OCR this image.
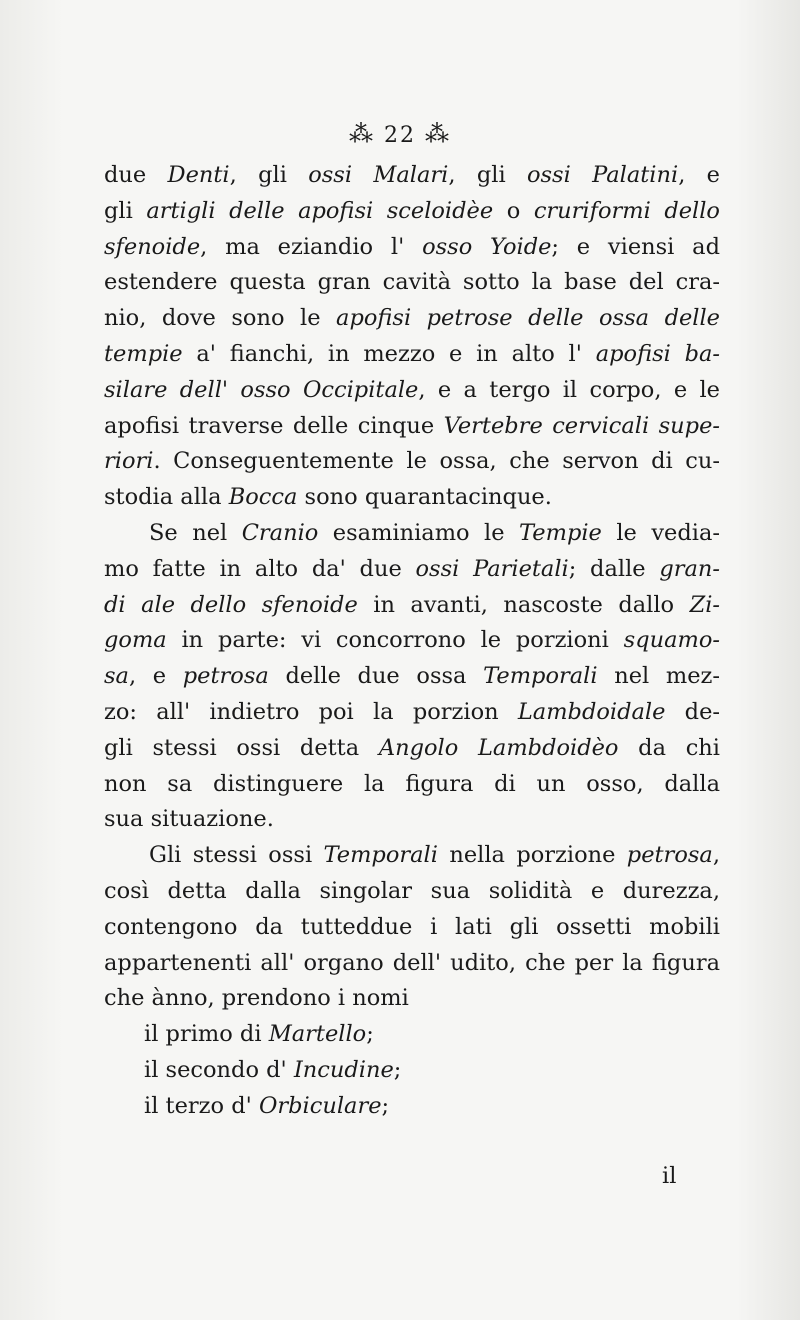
⁂ 22 ⁂
due Denti, gli ossi Malari, gli ossi Palatini, e
gli artigli delle apofisi sceloidèe o cruriformi dello
sfenoide, ma eziandio l' osso Yoide; e viensi ad
estendere questa gran cavità sotto la base del cra-
nio, dove sono le apofisi petrose delle ossa delle
tempie a' fianchi, in mezzo e in alto l' apofisi ba-
silare dell' osso Occipitale, e a tergo il corpo, e le
apofisi traverse delle cinque Vertebre cervicali supe-
riori. Conseguentemente le ossa, che servon di cu-
stodia alla Bocca sono quarantacinque.
Se nel Cranio esaminiamo le Tempie le vedia-
mo fatte in alto da' due ossi Parietali; dalle gran-
di ale dello sfenoide in avanti, nascoste dallo Zi-
goma in parte: vi concorrono le porzioni squamo-
sa, e petrosa delle due ossa Temporali nel mez-
zo: all' indietro poi la porzion Lambdoidale de-
gli stessi ossi detta Angolo Lambdoidèo da chi
non sa distinguere la figura di un osso, dalla
sua situazione.
Gli stessi ossi Temporali nella porzione petrosa,
così detta dalla singolar sua solidità e durezza,
contengono da tutteddue i lati gli ossetti mobili
appartenenti all' organo dell' udito, che per la figura
che ànno, prendono i nomi
il primo di Martello;
il secondo d' Incudine;
il terzo d' Orbiculare;
il
